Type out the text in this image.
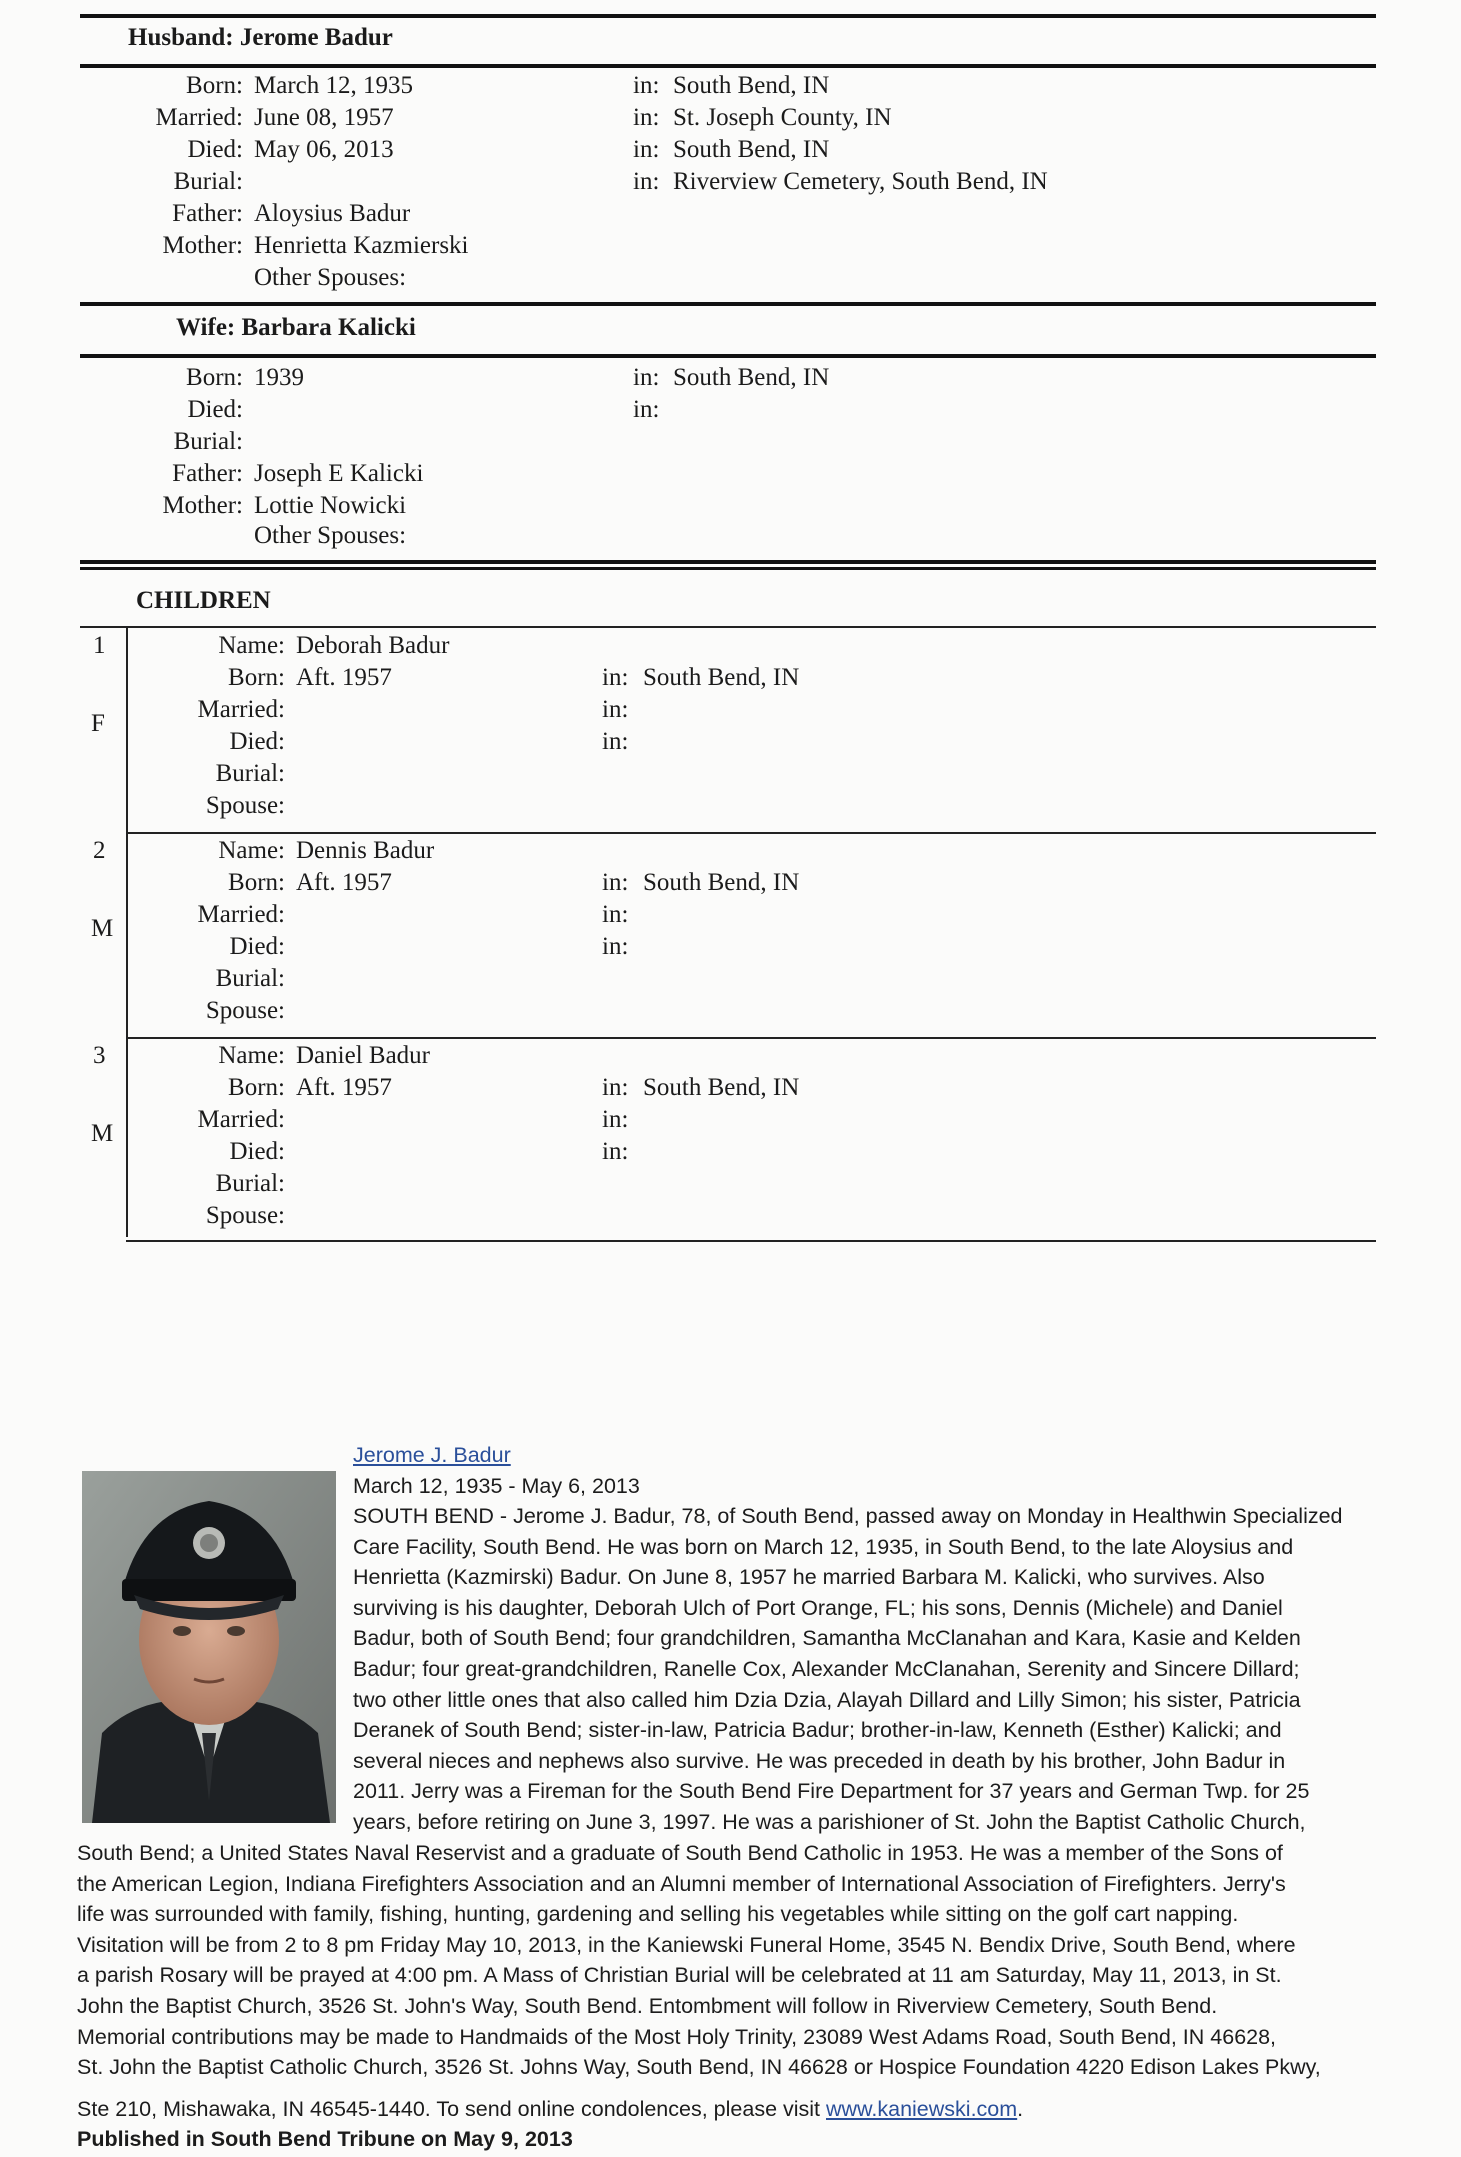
Husband: Jerome Badur
Born: March 12, 1935	in: South Bend, IN
Married: June 08, 1957	in: St. Joseph County, IN
Died: May 06, 2013	in: South Bend, IN
Burial:	in: Riverview Cemetery, South Bend, IN
Father: Aloysius Badur
Mother: Henrietta Kazmierski
Other Spouses:
Wife: Barbara Kalicki
Born: 1939	in: South Bend, IN
Died:	in:
Burial:
Father: Joseph E Kalicki
Mother: Lottie Nowicki
Other Spouses:
CHILDREN
1
F
Name: Deborah Badur
Born: Aft. 1957	in: South Bend, IN
Married:	in:
Died:	in:
Burial:
Spouse:
2
M
Name: Dennis Badur
Born: Aft. 1957	in: South Bend, IN
Married:	in:
Died:	in:
Burial:
Spouse:
3
M
Name: Daniel Badur
Born: Aft. 1957	in: South Bend, IN
Married:	in:
Died:	in:
Burial:
Spouse:
Jerome J. Badur
March 12, 1935 - May 6, 2013
SOUTH BEND - Jerome J. Badur, 78, of South Bend, passed away on Monday in Healthwin Specialized
Care Facility, South Bend. He was born on March 12, 1935, in South Bend, to the late Aloysius and
Henrietta (Kazmirski) Badur. On June 8, 1957 he married Barbara M. Kalicki, who survives. Also
surviving is his daughter, Deborah Ulch of Port Orange, FL; his sons, Dennis (Michele) and Daniel
Badur, both of South Bend; four grandchildren, Samantha McClanahan and Kara, Kasie and Kelden
Badur; four great-grandchildren, Ranelle Cox, Alexander McClanahan, Serenity and Sincere Dillard;
two other little ones that also called him Dzia Dzia, Alayah Dillard and Lilly Simon; his sister, Patricia
Deranek of South Bend; sister-in-law, Patricia Badur; brother-in-law, Kenneth (Esther) Kalicki; and
several nieces and nephews also survive. He was preceded in death by his brother, John Badur in
2011. Jerry was a Fireman for the South Bend Fire Department for 37 years and German Twp. for 25
years, before retiring on June 3, 1997. He was a parishioner of St. John the Baptist Catholic Church,
South Bend; a United States Naval Reservist and a graduate of South Bend Catholic in 1953. He was a member of the Sons of
the American Legion, Indiana Firefighters Association and an Alumni member of International Association of Firefighters. Jerry's
life was surrounded with family, fishing, hunting, gardening and selling his vegetables while sitting on the golf cart napping.
Visitation will be from 2 to 8 pm Friday May 10, 2013, in the Kaniewski Funeral Home, 3545 N. Bendix Drive, South Bend, where
a parish Rosary will be prayed at 4:00 pm. A Mass of Christian Burial will be celebrated at 11 am Saturday, May 11, 2013, in St.
John the Baptist Church, 3526 St. John's Way, South Bend. Entombment will follow in Riverview Cemetery, South Bend.
Memorial contributions may be made to Handmaids of the Most Holy Trinity, 23089 West Adams Road, South Bend, IN 46628,
St. John the Baptist Catholic Church, 3526 St. Johns Way, South Bend, IN 46628 or Hospice Foundation 4220 Edison Lakes Pkwy,
Ste 210, Mishawaka, IN 46545-1440. To send online condolences, please visit www.kaniewski.com.
Published in South Bend Tribune on May 9, 2013
